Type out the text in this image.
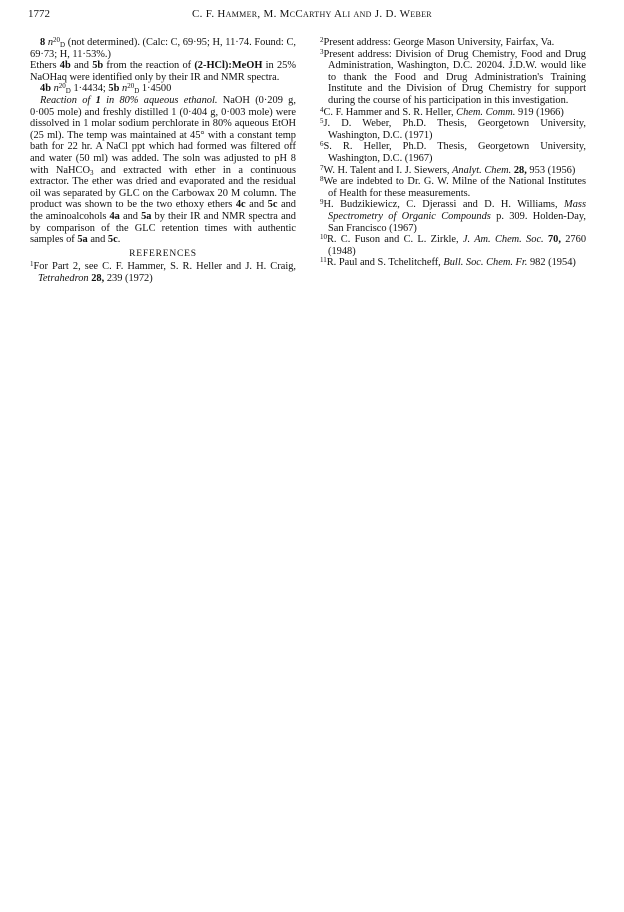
1772	C. F. Hammer, M. McCarthy Ali and J. D. Weber

8 $n^{20}_D$ (not determined). (Calc: C, 69·95; H, 11·74. Found: C, 69·73; H, 11·53%.)

Ethers 4b and 5b from the reaction of (2-HCl):MeOH in 25% NaOHaq were identified only by their IR and NMR spectra.

4b $n^{20}_D$ 1·4434; 5b $n^{20}_D$ 1·4500

Reaction of 1 in 80% aqueous ethanol. NaOH (0·209 g, 0·005 mole) and freshly distilled 1 (0·404 g, 0·003 mole) were dissolved in 1 molar sodium perchlorate in 80% aqueous EtOH (25 ml). The temp was maintained at 45° with a constant temp bath for 22 hr. A NaCl ppt which had formed was filtered off and water (50 ml) was added. The soln was adjusted to pH 8 with NaHCO$_3$ and extracted with ether in a continuous extractor. The ether was dried and evaporated and the residual oil was separated by GLC on the Carbowax 20 M column. The product was shown to be the two ethoxy ethers 4c and 5c and the aminoalcohols 4a and 5a by their IR and NMR spectra and by comparison of the GLC retention times with authentic samples of 5a and 5c.

REFERENCES

$^1$For Part 2, see C. F. Hammer, S. R. Heller and J. H. Craig, Tetrahedron 28, 239 (1972)

$^2$Present address: George Mason University, Fairfax, Va.

$^3$Present address: Division of Drug Chemistry, Food and Drug Administration, Washington, D.C. 20204. J.D.W. would like to thank the Food and Drug Administration's Training Institute and the Division of Drug Chemistry for support during the course of his participation in this investigation.

$^4$C. F. Hammer and S. R. Heller, Chem. Comm. 919 (1966)

$^5$J. D. Weber, Ph.D. Thesis, Georgetown University, Washington, D.C. (1971)

$^6$S. R. Heller, Ph.D. Thesis, Georgetown University, Washington, D.C. (1967)

$^7$W. H. Talent and I. J. Siewers, Analyt. Chem. 28, 953 (1956)

$^8$We are indebted to Dr. G. W. Milne of the National Institutes of Health for these measurements.

$^9$H. Budzikiewicz, C. Djerassi and D. H. Williams, Mass Spectrometry of Organic Compounds p. 309. Holden-Day, San Francisco (1967)

$^{10}$R. C. Fuson and C. L. Zirkle, J. Am. Chem. Soc. 70, 2760 (1948)

$^{11}$R. Paul and S. Tchelitcheff, Bull. Soc. Chem. Fr. 982 (1954)
